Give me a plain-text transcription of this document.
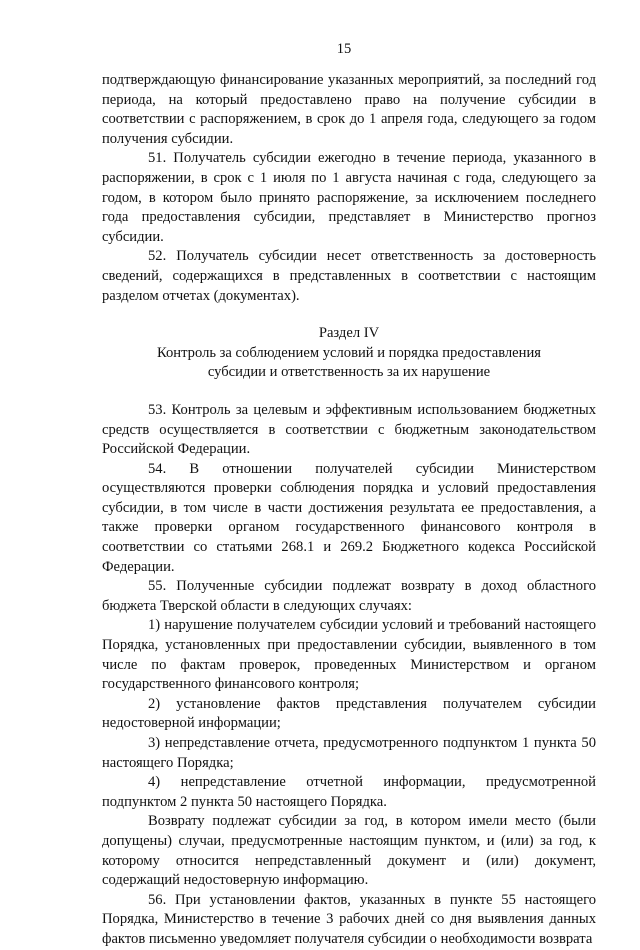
15

подтверждающую финансирование указанных мероприятий, за последний год периода, на который предоставлено право на получение субсидии в соответствии с распоряжением, в срок до 1 апреля года, следующего за годом получения субсидии.

51. Получатель субсидии ежегодно в течение периода, указанного в распоряжении, в срок с 1 июля по 1 августа начиная с года, следующего за годом, в котором было принято распоряжение, за исключением последнего года предоставления субсидии, представляет в Министерство прогноз субсидии.

52. Получатель субсидии несет ответственность за достоверность сведений, содержащихся в представленных в соответствии с настоящим разделом отчетах (документах).

Раздел IV

Контроль за соблюдением условий и порядка предоставления

субсидии и ответственность за их нарушение

53. Контроль за целевым и эффективным использованием бюджетных средств осуществляется в соответствии с бюджетным законодательством Российской Федерации.

54. В отношении получателей субсидии Министерством осуществляются проверки соблюдения порядка и условий предоставления субсидии, в том числе в части достижения результата ее предоставления, а также проверки органом государственного финансового контроля в соответствии со статьями 268.1 и 269.2 Бюджетного кодекса Российской Федерации.

55. Полученные субсидии подлежат возврату в доход областного бюджета Тверской области в следующих случаях:

1) нарушение получателем субсидии условий и требований настоящего Порядка, установленных при предоставлении субсидии, выявленного в том числе по фактам проверок, проведенных Министерством и органом государственного финансового контроля;

2) установление фактов представления получателем субсидии недостоверной информации;

3) непредставление отчета, предусмотренного подпунктом 1 пункта 50 настоящего Порядка;

4) непредставление отчетной информации, предусмотренной подпунктом 2 пункта 50 настоящего Порядка.

Возврату подлежат субсидии за год, в котором имели место (были допущены) случаи, предусмотренные настоящим пунктом, и (или) за год, к которому относится непредставленный документ и (или) документ, содержащий недостоверную информацию.

56. При установлении фактов, указанных в пункте 55 настоящего Порядка, Министерство в течение 3 рабочих дней со дня выявления данных фактов письменно уведомляет получателя субсидии о необходимости возврата
